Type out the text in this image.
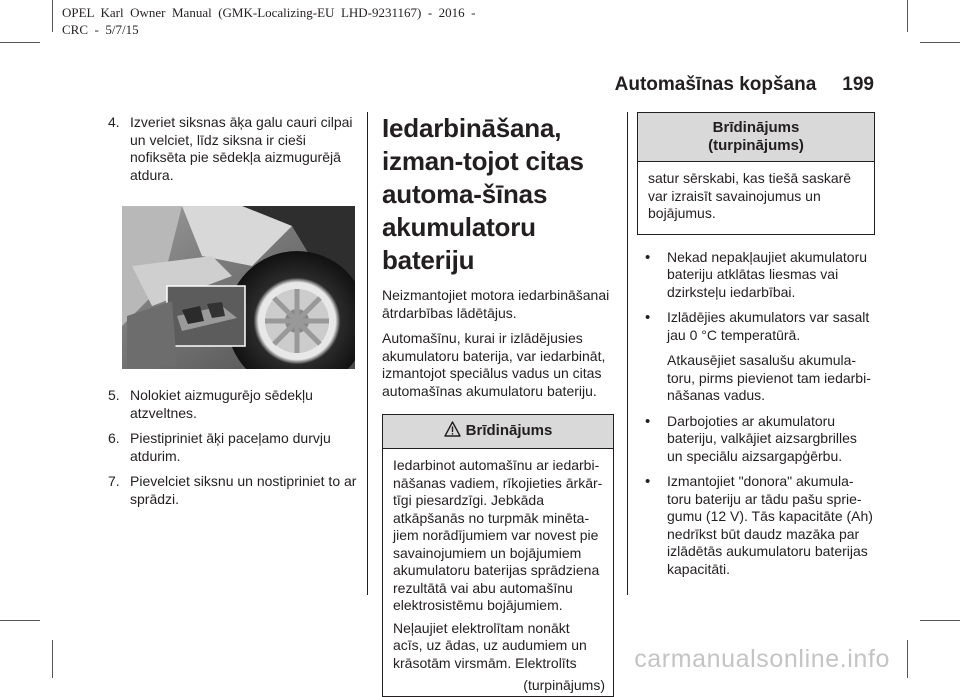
OPEL  Karl  Owner  Manual  (GMK-Localizing-EU  LHD-9231167)  -  2016  -
CRC  -  5/7/15
Automašīnas kopšana 199

4. Izveriet siksnas āķa galu cauri cilpai un velciet, līdz siksna ir cieši nofiksēta pie sēdekļa aizmugurējā atdura.

5. Nolokiet aizmugurējo sēdekļu atzveltnes.

6. Piestipriniet āķi paceļamo durvju atdurim.

7. Pievelciet siksnu un nostipriniet to ar sprādzi.

Iedarbināšana, izman-tojot citas automa-šīnas akumulatoru bateriju

Neizmantojiet motora iedarbināšanai ātrdarbības lādētājus.

Automašīnu, kurai ir izlādējusies akumulatoru baterija, var iedarbināt, izmantojot speciālus vadus un citas automašīnas akumulatoru bateriju.

Brīdinājums

Iedarbinot automašīnu ar iedarbi-nāšanas vadiem, rīkojieties ārkār-tīgi piesardzīgi. Jebkāda atkāpšanās no turpmāk minēta-jiem norādījumiem var novest pie savainojumiem un bojājumiem akumulatoru baterijas sprādziena rezultātā vai abu automašīnu elektrosistēmu bojājumiem.

Neļaujiet elektrolītam nonākt acīs, uz ādas, uz audumiem un krāsotām virsmām. Elektrolīts

(turpinājums)
Brīdinājums
(turpinājums)

satur sērskabi, kas tiešā saskarē var izraisīt savainojumus un bojājumus.

• Nekad nepakļaujiet akumulatoru bateriju atklātas liesmas vai dzirksteļu iedarbībai.

• Izlādējies akumulators var sasalt jau 0 °C temperatūrā.

Atkausējiet sasalušu akumula-toru, pirms pievienot tam iedarbi-nāšanas vadus.

• Darbojoties ar akumulatoru bateriju, valkājiet aizsargbrilles un speciālu aizsargapģērbu.

• Izmantojiet "donora" akumula-toru bateriju ar tādu pašu sprie-gumu (12 V). Tās kapacitāte (Ah) nedrīkst būt daudz mazāka par izlādētās aukumulatoru baterijas kapacitāti.

carmanualsonline.info
